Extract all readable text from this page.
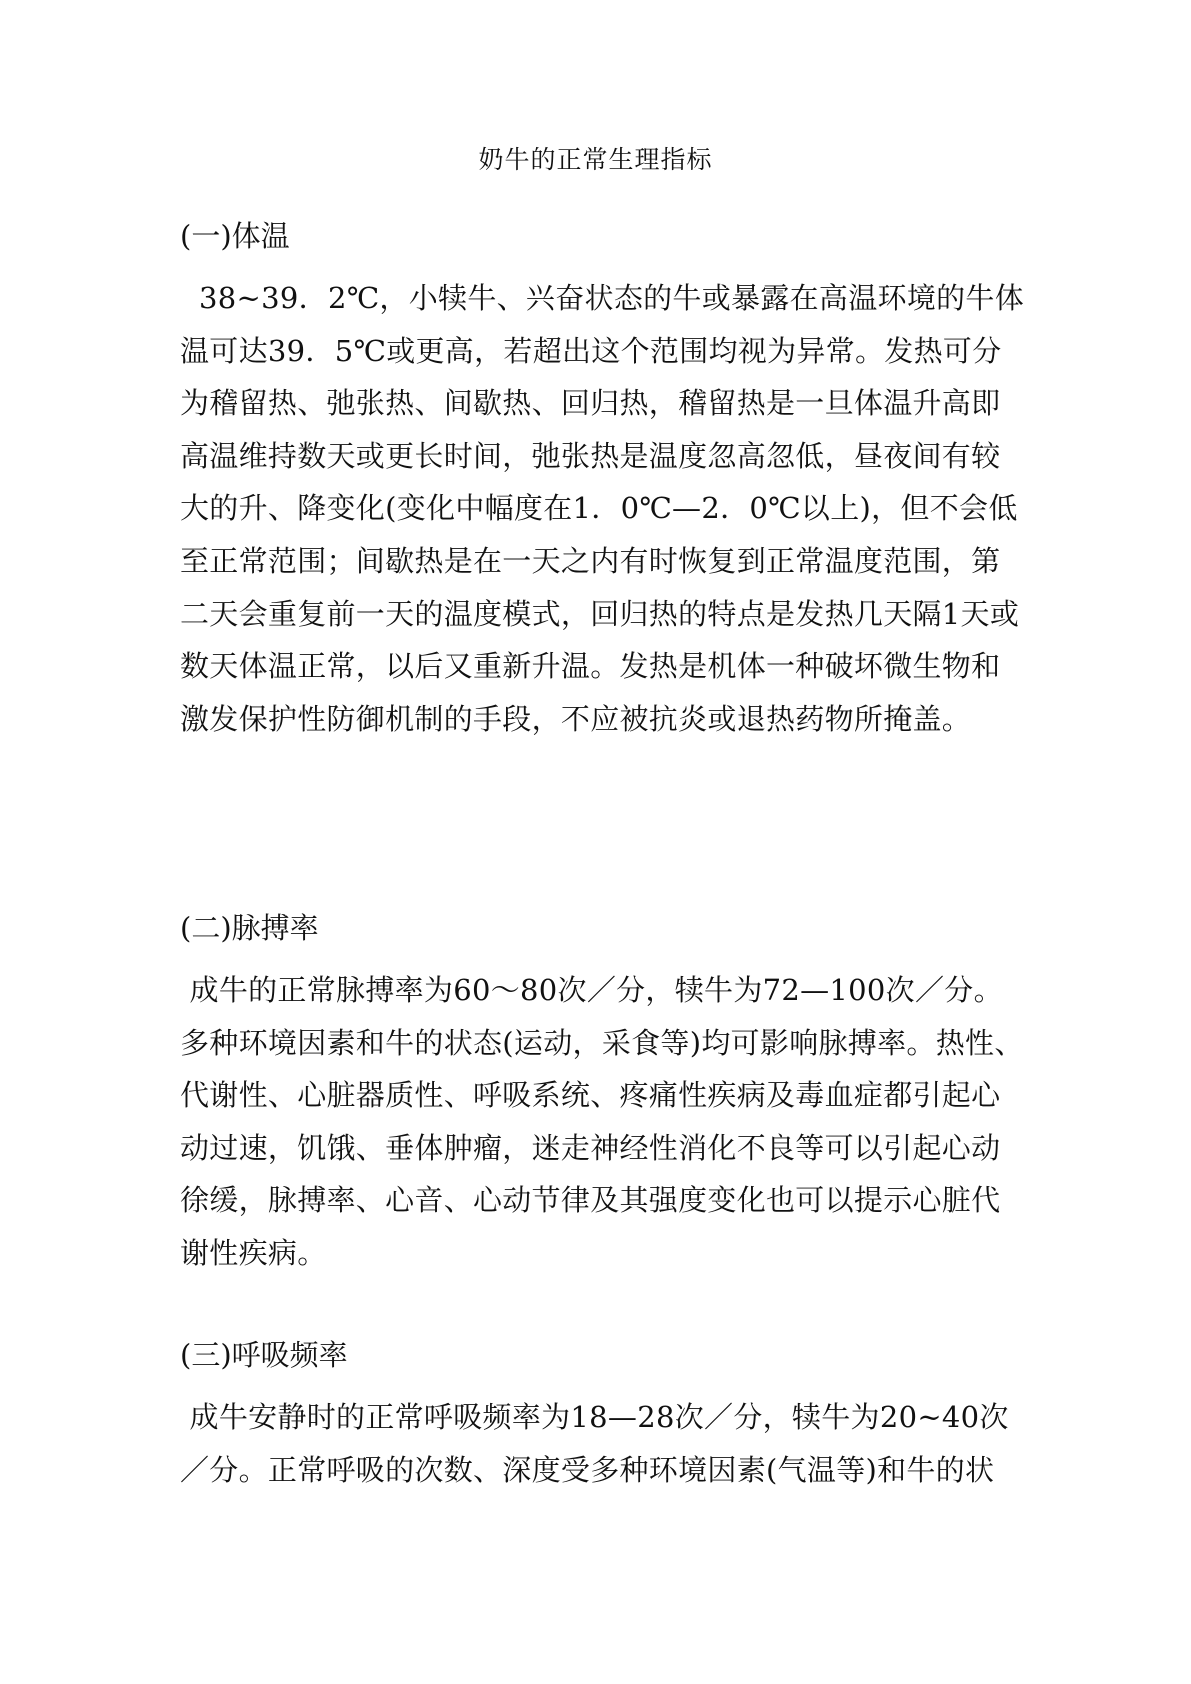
奶牛的正常生理指标
(一)体温

38~39．2℃，小犊牛、兴奋状态的牛或暴露在高温环境的牛体温可达39．5℃或更高，若超出这个范围均视为异常。发热可分为稽留热、弛张热、间歇热、回归热，稽留热是一旦体温升高即高温维持数天或更长时间，弛张热是温度忽高忽低，昼夜间有较大的升、降变化(变化中幅度在1．0℃—2．0℃以上)，但不会低至正常范围；间歇热是在一天之内有时恢复到正常温度范围，第二天会重复前一天的温度模式，回归热的特点是发热几天隔1天或数天体温正常，以后又重新升温。发热是机体一种破坏微生物和激发保护性防御机制的手段，不应被抗炎或退热药物所掩盖。

(二)脉搏率

成牛的正常脉搏率为60～80次／分，犊牛为72—100次／分。多种环境因素和牛的状态(运动，采食等)均可影响脉搏率。热性、代谢性、心脏器质性、呼吸系统、疼痛性疾病及毒血症都引起心动过速，饥饿、垂体肿瘤，迷走神经性消化不良等可以引起心动徐缓，脉搏率、心音、心动节律及其强度变化也可以提示心脏代谢性疾病。

(三)呼吸频率

成牛安静时的正常呼吸频率为18—28次／分，犊牛为20~40次／分。正常呼吸的次数、深度受多种环境因素(气温等)和牛的状
